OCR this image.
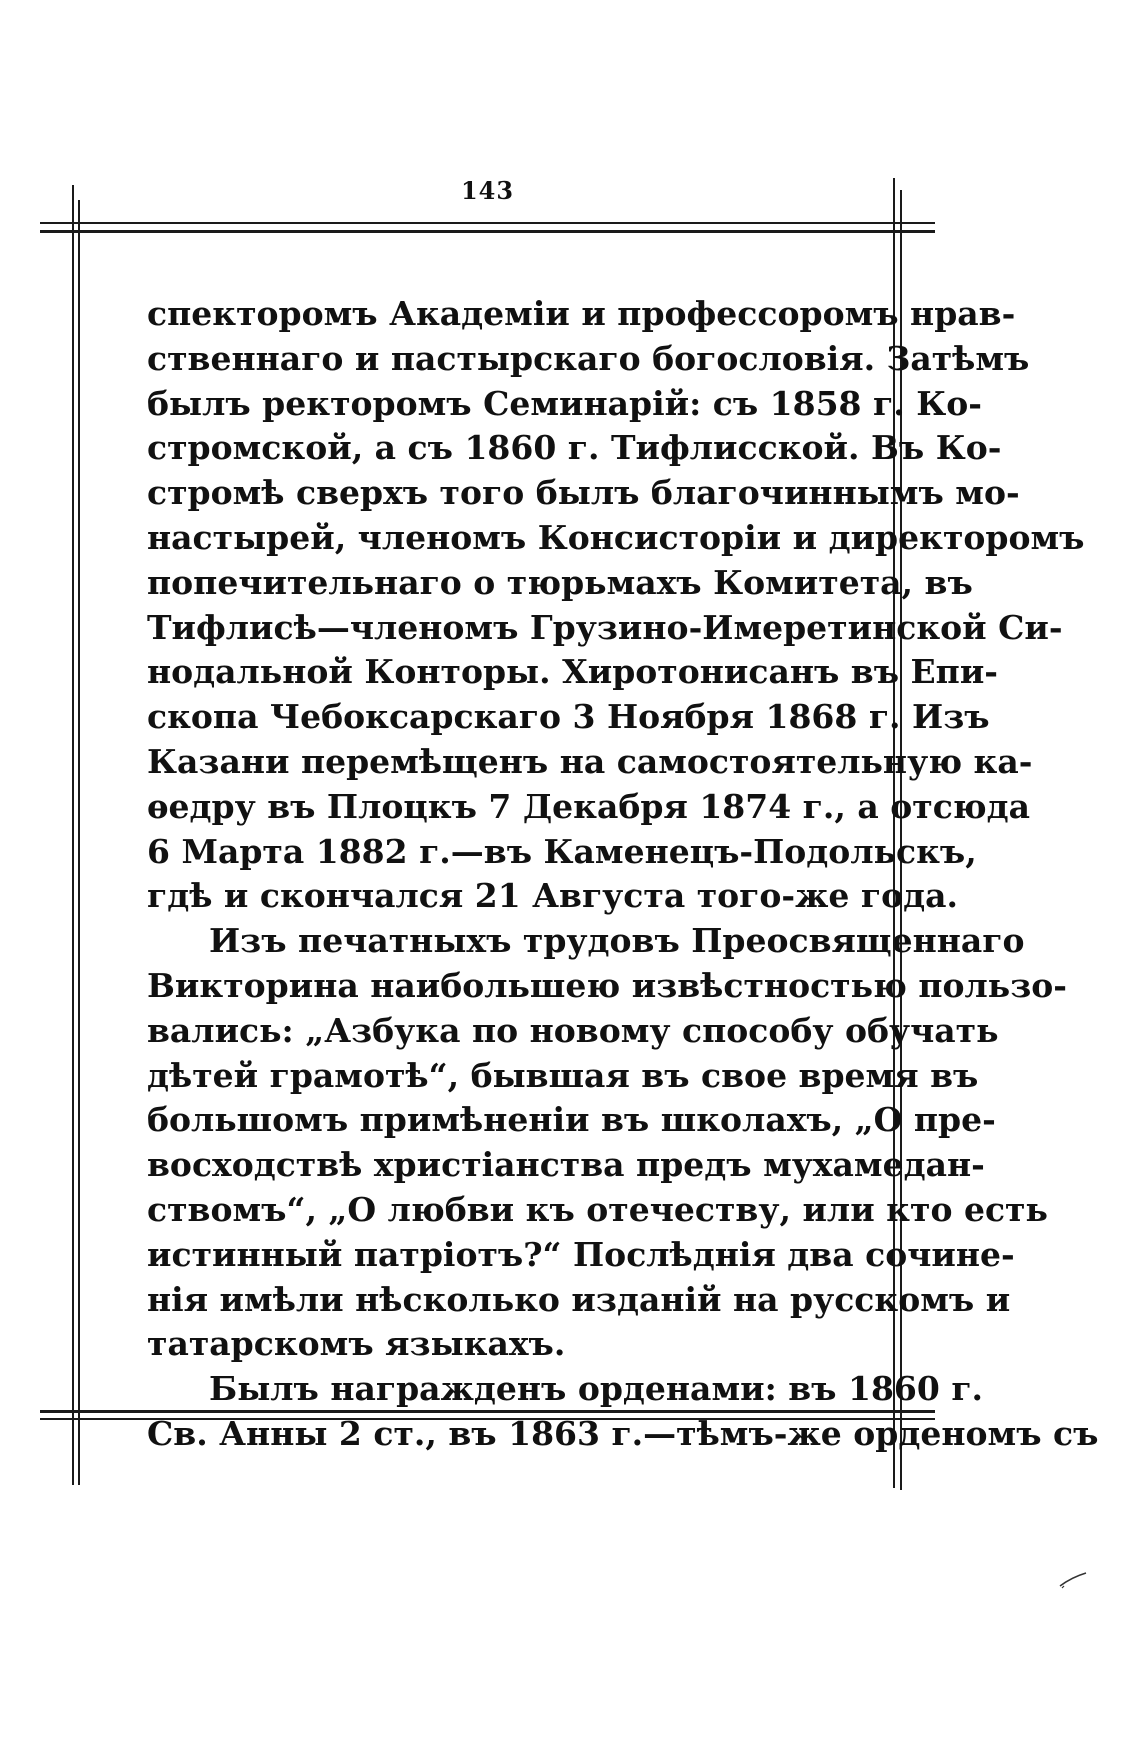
143
спекторомъ Академіи и профессоромъ нрав-
ственнаго и пастырскаго богословія. Затѣмъ
былъ ректоромъ Семинарій: съ 1858 г. Ко-
стромской, а съ 1860 г. Тифлисской. Въ Ко-
стромѣ сверхъ того былъ благочиннымъ мо-
настырей, членомъ Консисторіи и директоромъ
попечительнаго о тюрьмахъ Комитета, въ
Тифлисѣ—членомъ Грузино-Имеретинской Си-
нодальной Конторы. Хиротонисанъ въ Епи-
скопа Чебоксарскаго 3 Ноября 1868 г. Изъ
Казани перемѣщенъ на самостоятельную ка-
ѳедру въ Плоцкъ 7 Декабря 1874 г., а отсюда
6 Марта 1882 г.—въ Каменецъ-Подольскъ,
гдѣ и скончался 21 Августа того-же года.
Изъ печатныхъ трудовъ Преосвященнаго
Викторина наибольшею извѣстностью пользо-
вались: „Азбука по новому способу обучать
дѣтей грамотѣ“, бывшая въ свое время въ
большомъ примѣненіи въ школахъ, „О пре-
восходствѣ христіанства предъ мухамедан-
ствомъ“, „О любви къ отечеству, или кто есть
истинный патріотъ?“ Послѣднія два сочине-
нія имѣли нѣсколько изданій на русскомъ и
татарскомъ языкахъ.
Былъ награжденъ орденами: въ 1860 г.
Св. Анны 2 ст., въ 1863 г.—тѣмъ-же орденомъ съ
